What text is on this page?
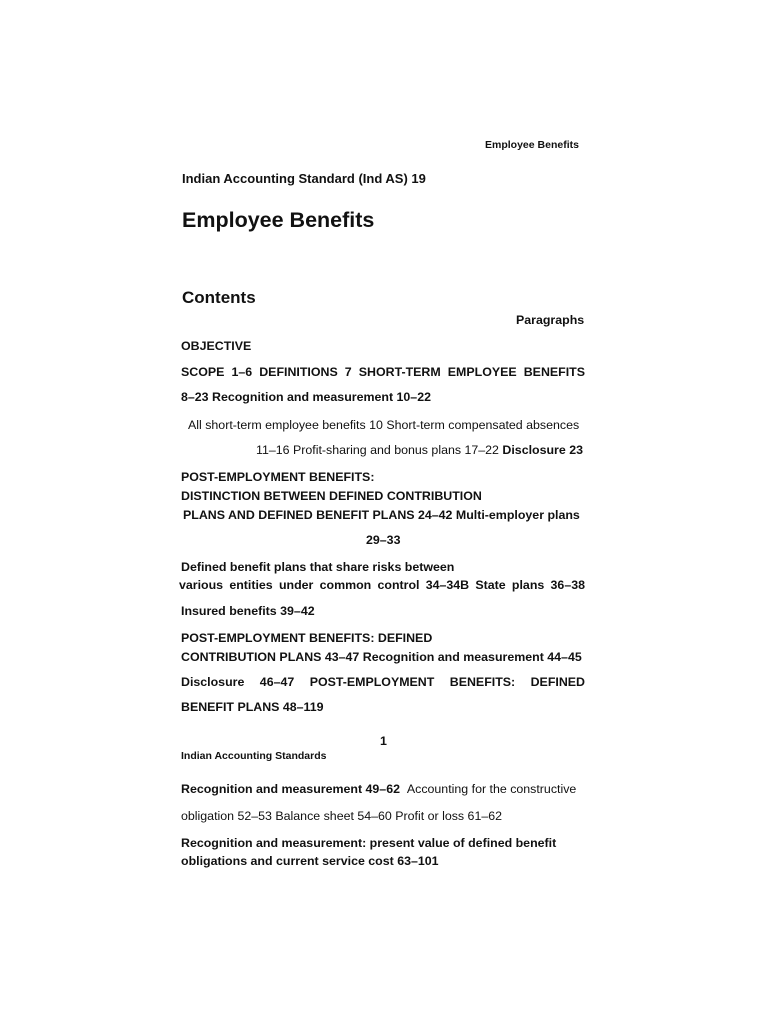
Employee Benefits

Indian Accounting Standard (Ind AS) 19

Employee Benefits

Contents

Paragraphs

OBJECTIVE

SCOPE 1–6 DEFINITIONS 7 SHORT-TERM EMPLOYEE BENEFITS

8–23 Recognition and measurement 10–22

All short-term employee benefits 10 Short-term compensated absences

11–16 Profit-sharing and bonus plans 17–22 Disclosure 23

POST-EMPLOYMENT BENEFITS:

DISTINCTION BETWEEN DEFINED CONTRIBUTION

PLANS AND DEFINED BENEFIT PLANS 24–42 Multi-employer plans

29–33

Defined benefit plans that share risks between

various entities under common control 34–34B State plans 36–38

Insured benefits 39–42

POST-EMPLOYMENT BENEFITS: DEFINED

CONTRIBUTION PLANS 43–47 Recognition and measurement 44–45

Disclosure 46–47 POST-EMPLOYMENT BENEFITS: DEFINED

BENEFIT PLANS 48–119

1

Indian Accounting Standards

Recognition and measurement 49–62 Accounting for the constructive

obligation 52–53 Balance sheet 54–60 Profit or loss 61–62

Recognition and measurement: present value of defined benefit

obligations and current service cost 63–101
